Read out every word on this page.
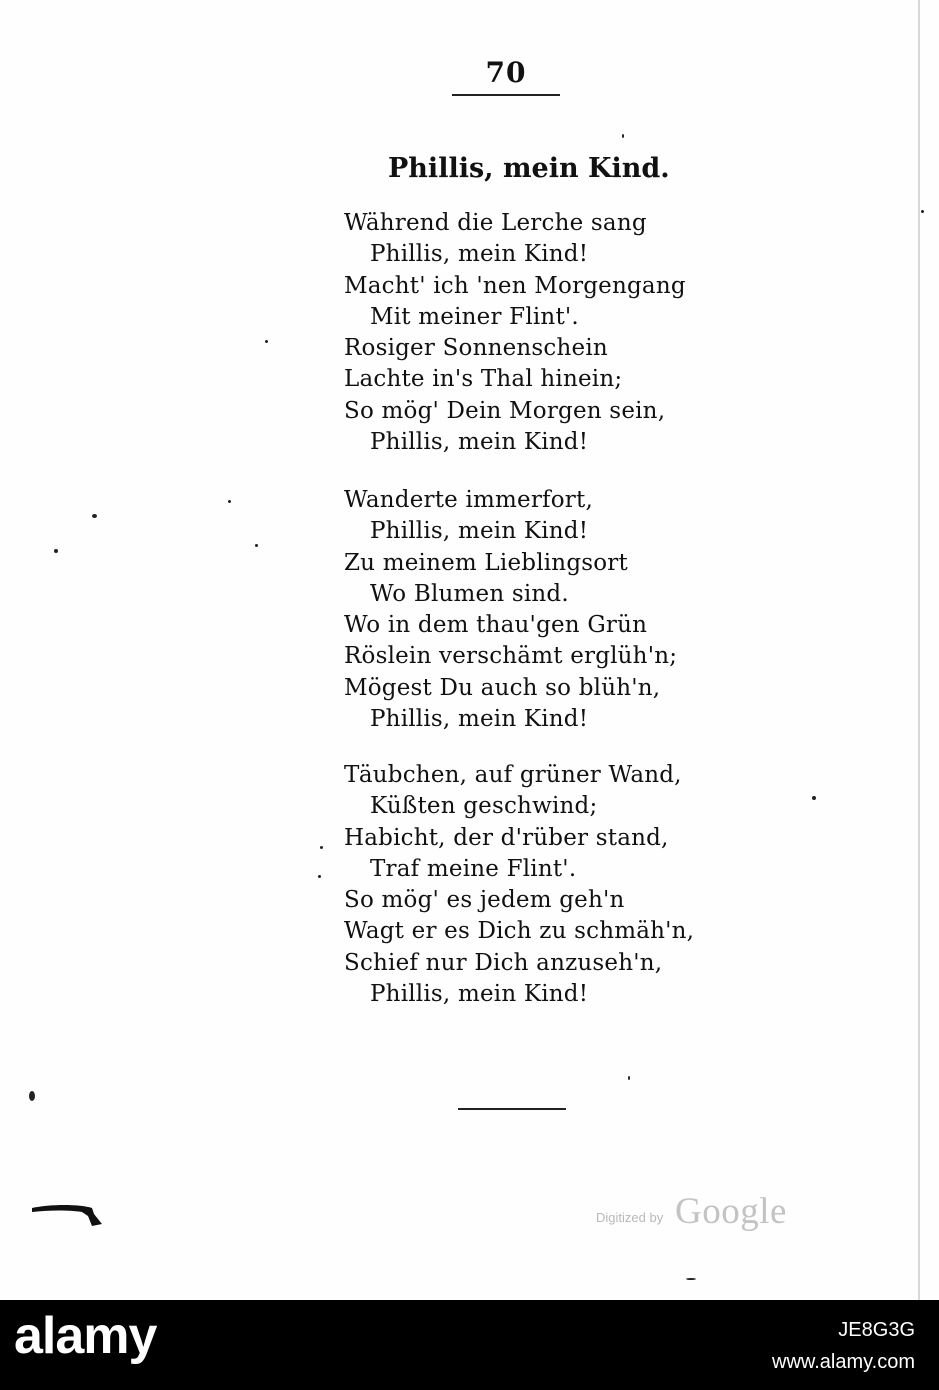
70
Phillis, mein Kind.
Während die Lerche sang
Phillis, mein Kind!
Macht' ich 'nen Morgengang
Mit meiner Flint'.
Rosiger Sonnenschein
Lachte in's Thal hinein;
So mög' Dein Morgen sein,
Phillis, mein Kind!
Wanderte immerfort,
Phillis, mein Kind!
Zu meinem Lieblingsort
Wo Blumen sind.
Wo in dem thau'gen Grün
Röslein verschämt erglüh'n;
Mögest Du auch so blüh'n,
Phillis, mein Kind!
Täubchen, auf grüner Wand,
Küßten geschwind;
Habicht, der d'rüber stand,
Traf meine Flint'.
So mög' es jedem geh'n
Wagt er es Dich zu schmäh'n,
Schief nur Dich anzuseh'n,
Phillis, mein Kind!
Digitized by Google
alamy	JE8G3G
www.alamy.com
